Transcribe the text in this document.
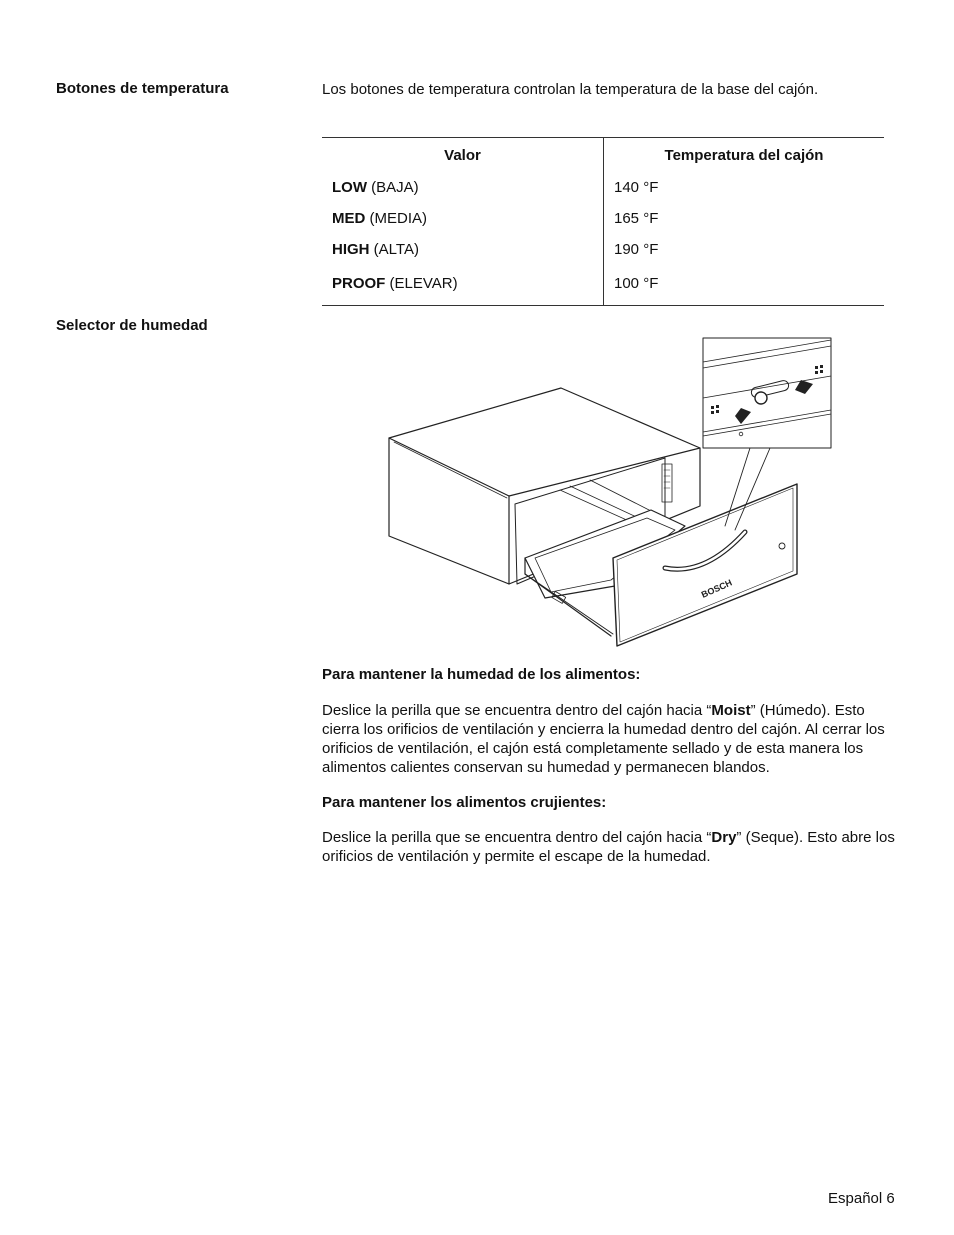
Botones de temperatura	Los botones de temperatura controlan la temperatura de la base del cajón.
Valor	Temperatura del cajón
LOW (BAJA)	140 °F
MED (MEDIA)	165 °F
HIGH (ALTA)	190 °F
PROOF (ELEVAR)	100 °F
Selector de humedad
BOSCH
Para mantener la humedad de los alimentos:
Deslice la perilla que se encuentra dentro del cajón hacia “Moist” (Húmedo). Esto cierra los orificios de ventilación y encierra la humedad dentro del cajón. Al cerrar los orificios de ventilación, el cajón está completamente sellado y de esta manera los alimentos calientes conservan su humedad y permanecen blandos.
Para mantener los alimentos crujientes:
Deslice la perilla que se encuentra dentro del cajón hacia “Dry” (Seque). Esto abre los orificios de ventilación y permite el escape de la humedad.
Español 6
